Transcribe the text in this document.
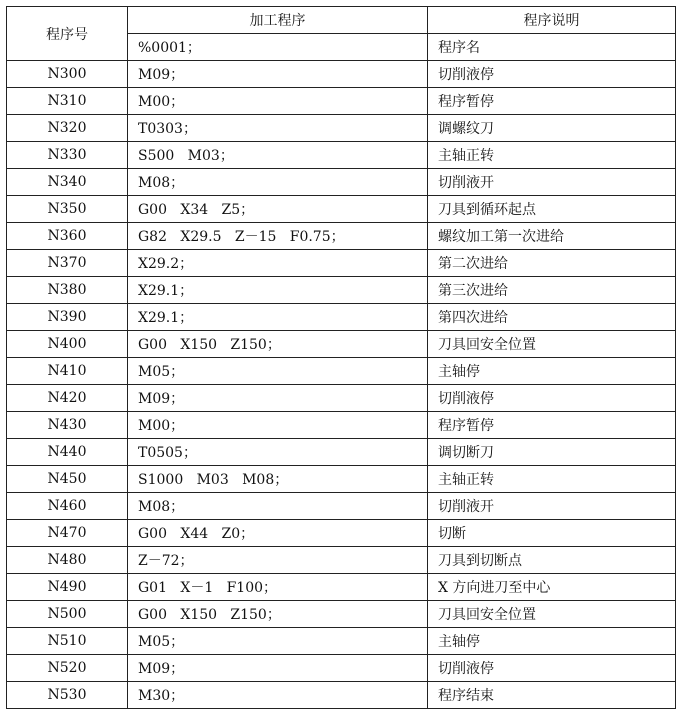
程序号	加工程序	程序说明
	%0001；	程序名
N300	M09；	切削液停
N310	M00；	程序暂停
N320	T0303；	调螺纹刀
N330	S500   M03；	主轴正转
N340	M08；	切削液开
N350	G00   X34   Z5；	刀具到循环起点
N360	G82   X29.5   Z－15   F0.75；	螺纹加工第一次进给
N370	X29.2；	第二次进给
N380	X29.1；	第三次进给
N390	X29.1；	第四次进给
N400	G00   X150   Z150；	刀具回安全位置
N410	M05；	主轴停
N420	M09；	切削液停
N430	M00；	程序暂停
N440	T0505；	调切断刀
N450	S1000   M03   M08；	主轴正转
N460	M08；	切削液开
N470	G00   X44   Z0；	切断
N480	Z－72；	刀具到切断点
N490	G01   X－1   F100；	X 方向进刀至中心
N500	G00   X150   Z150；	刀具回安全位置
N510	M05；	主轴停
N520	M09；	切削液停
N530	M30；	程序结束
